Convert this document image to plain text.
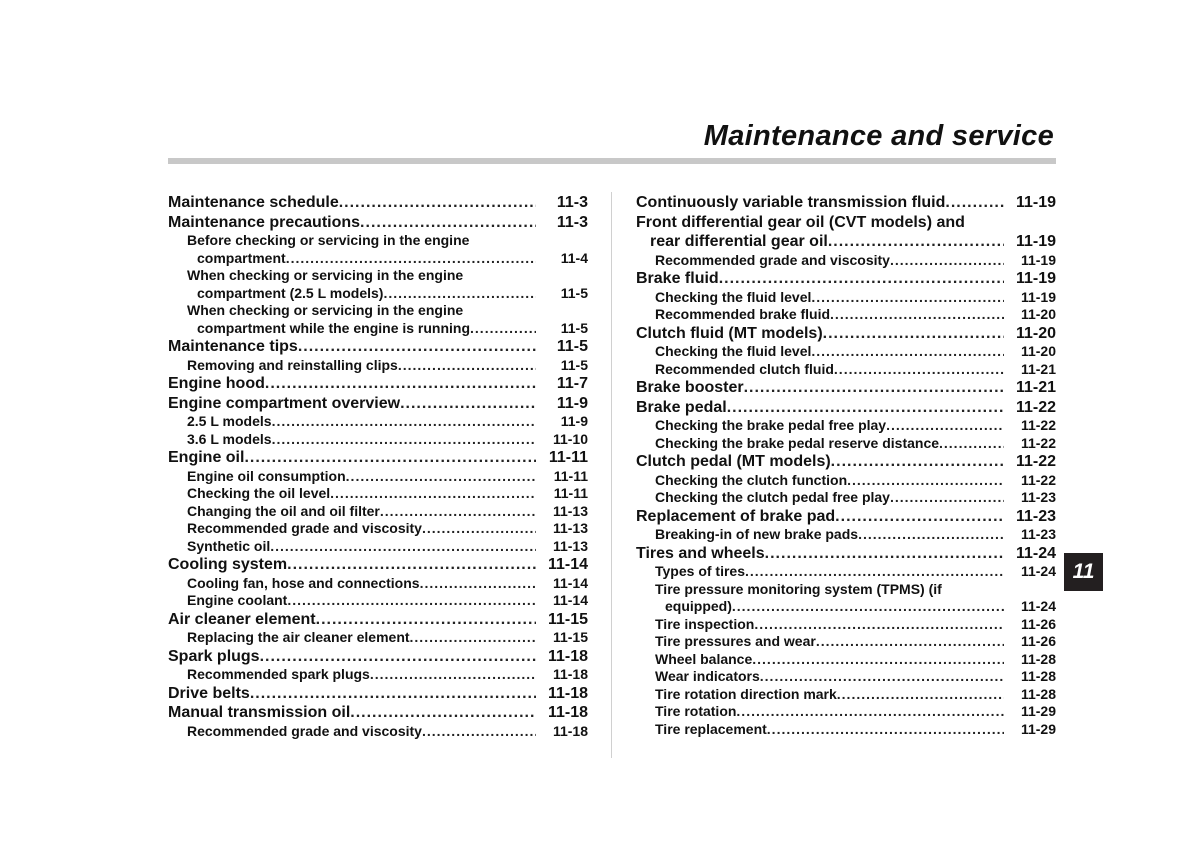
Maintenance and service
Maintenance schedule .....	11-3
Maintenance precautions .....	11-3
Before checking or servicing in the engine
compartment .....	11-4
When checking or servicing in the engine
compartment (2.5 L models) .....	11-5
When checking or servicing in the engine
compartment while the engine is running .....	11-5
Maintenance tips .....	11-5
Removing and reinstalling clips .....	11-5
Engine hood .....	11-7
Engine compartment overview .....	11-9
2.5 L models .....	11-9
3.6 L models .....	11-10
Engine oil .....	11-11
Engine oil consumption .....	11-11
Checking the oil level .....	11-11
Changing the oil and oil filter .....	11-13
Recommended grade and viscosity .....	11-13
Synthetic oil .....	11-13
Cooling system .....	11-14
Cooling fan, hose and connections .....	11-14
Engine coolant .....	11-14
Air cleaner element .....	11-15
Replacing the air cleaner element .....	11-15
Spark plugs .....	11-18
Recommended spark plugs .....	11-18
Drive belts .....	11-18
Manual transmission oil .....	11-18
Recommended grade and viscosity .....	11-18
Continuously variable transmission fluid .....	11-19
Front differential gear oil (CVT models) and
rear differential gear oil .....	11-19
Recommended grade and viscosity .....	11-19
Brake fluid .....	11-19
Checking the fluid level .....	11-19
Recommended brake fluid .....	11-20
Clutch fluid (MT models) .....	11-20
Checking the fluid level .....	11-20
Recommended clutch fluid .....	11-21
Brake booster .....	11-21
Brake pedal .....	11-22
Checking the brake pedal free play .....	11-22
Checking the brake pedal reserve distance .....	11-22
Clutch pedal (MT models) .....	11-22
Checking the clutch function .....	11-22
Checking the clutch pedal free play .....	11-23
Replacement of brake pad .....	11-23
Breaking-in of new brake pads .....	11-23
Tires and wheels .....	11-24
Types of tires .....	11-24
Tire pressure monitoring system (TPMS) (if
equipped) .....	11-24
Tire inspection .....	11-26
Tire pressures and wear .....	11-26
Wheel balance .....	11-28
Wear indicators .....	11-28
Tire rotation direction mark .....	11-28
Tire rotation .....	11-29
Tire replacement .....	11-29
11
